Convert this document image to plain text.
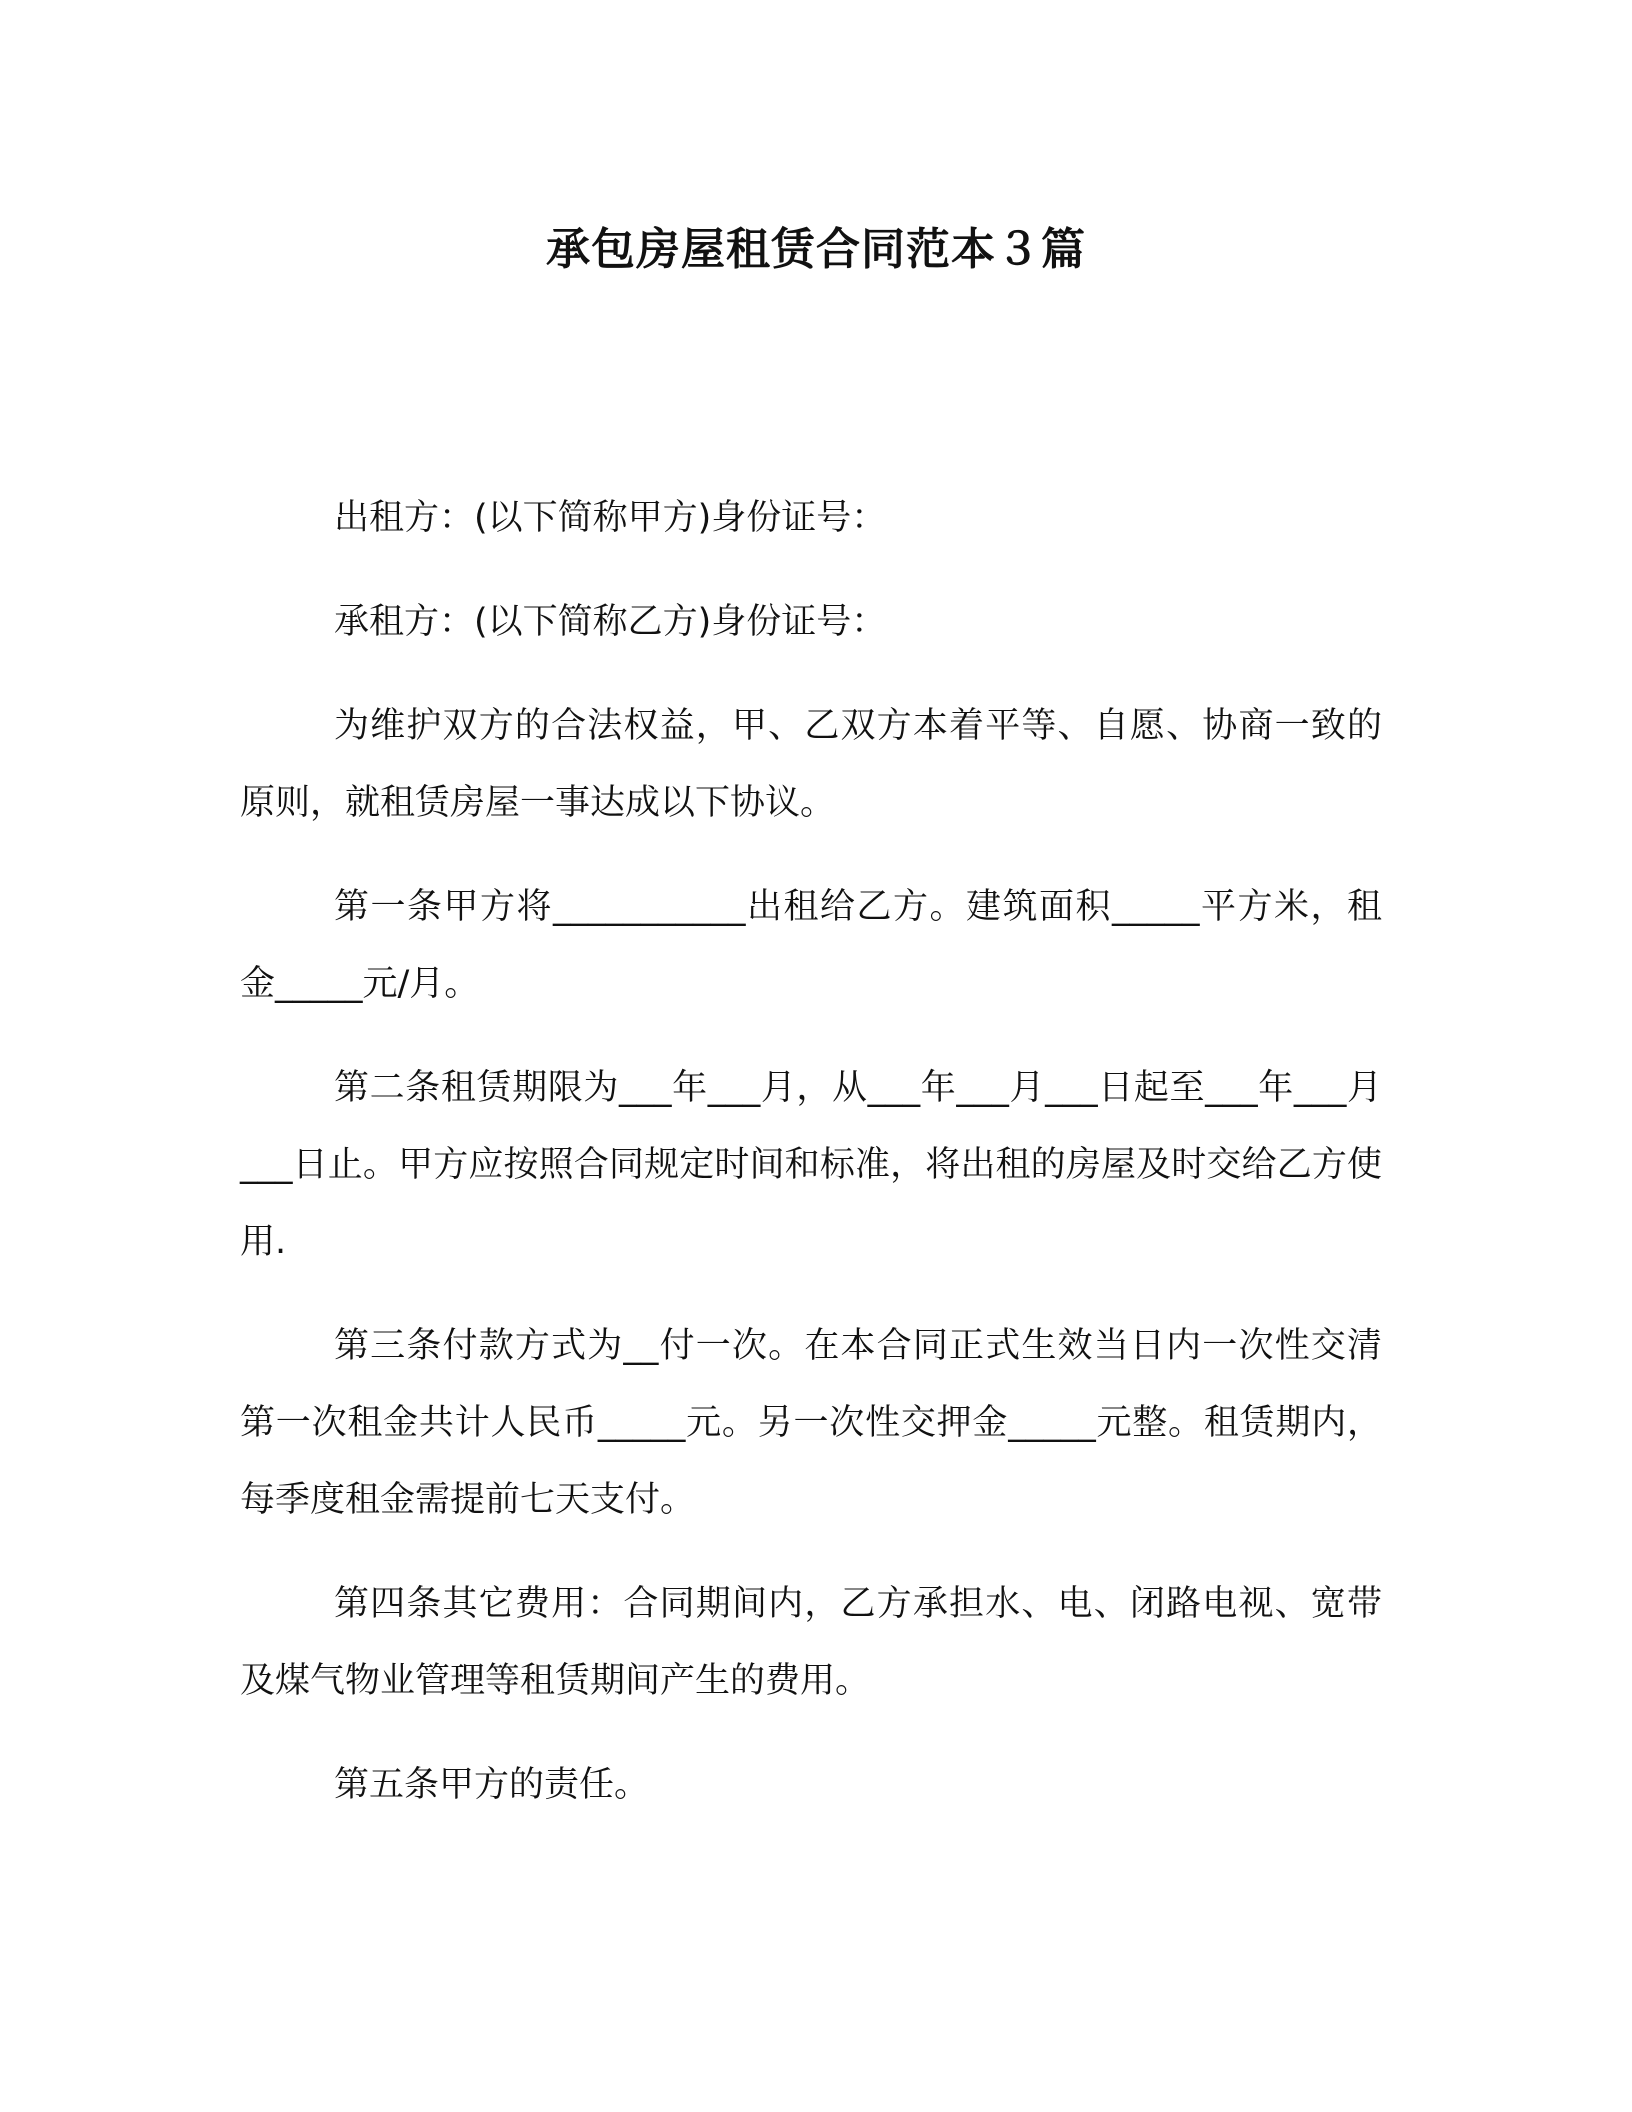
承包房屋租赁合同范本３篇

出租方：(以下简称甲方)身份证号：

承租方：(以下简称乙方)身份证号：

为维护双方的合法权益，甲、乙双方本着平等、自愿、协商一致的原则，就租赁房屋一事达成以下协议。

第一条甲方将___________出租给乙方。建筑面积_____平方米，租金_____元/月。

第二条租赁期限为___年___月，从___年___月___日起至___年___月___日止。甲方应按照合同规定时间和标准，将出租的房屋及时交给乙方使用.

第三条付款方式为__付一次。在本合同正式生效当日内一次性交清第一次租金共计人民币_____元。另一次性交押金_____元整。租赁期内，每季度租金需提前七天支付。

第四条其它费用：合同期间内，乙方承担水、电、闭路电视、宽带及煤气物业管理等租赁期间产生的费用。

第五条甲方的责任。
